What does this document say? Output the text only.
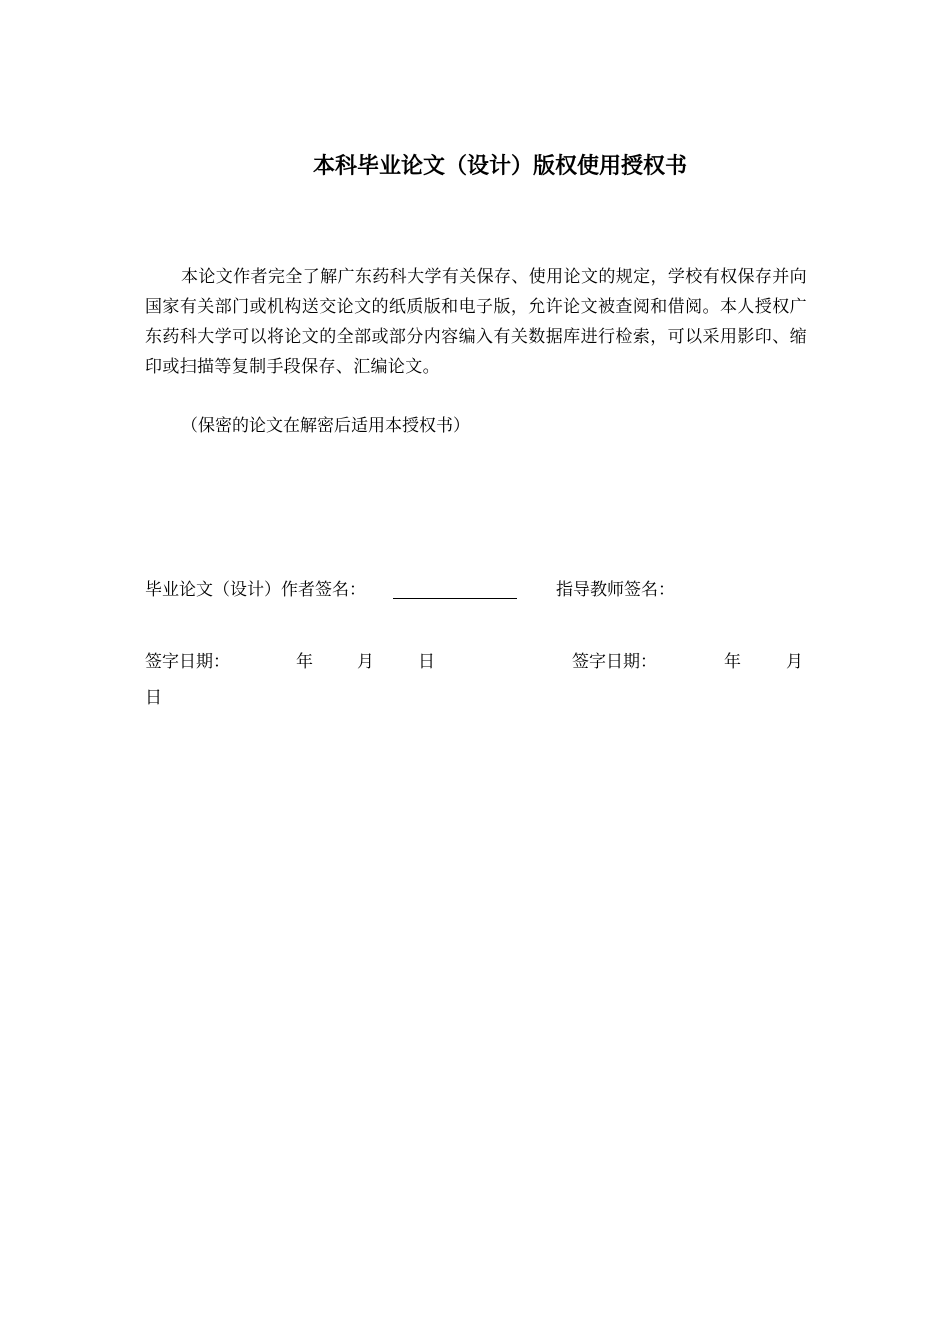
本科毕业论文（设计）版权使用授权书
本论文作者完全了解广东药科大学有关保存、使用论文的规定，学校有权保存并向国家有关部门或机构送交论文的纸质版和电子版，允许论文被查阅和借阅。本人授权广东药科大学可以将论文的全部或部分内容编入有关数据库进行检索，可以采用影印、缩印或扫描等复制手段保存、汇编论文。
（保密的论文在解密后适用本授权书）
毕业论文（设计）作者签名：	指导教师签名：
签字日期：	年	月	日	签字日期：	年	月
日
